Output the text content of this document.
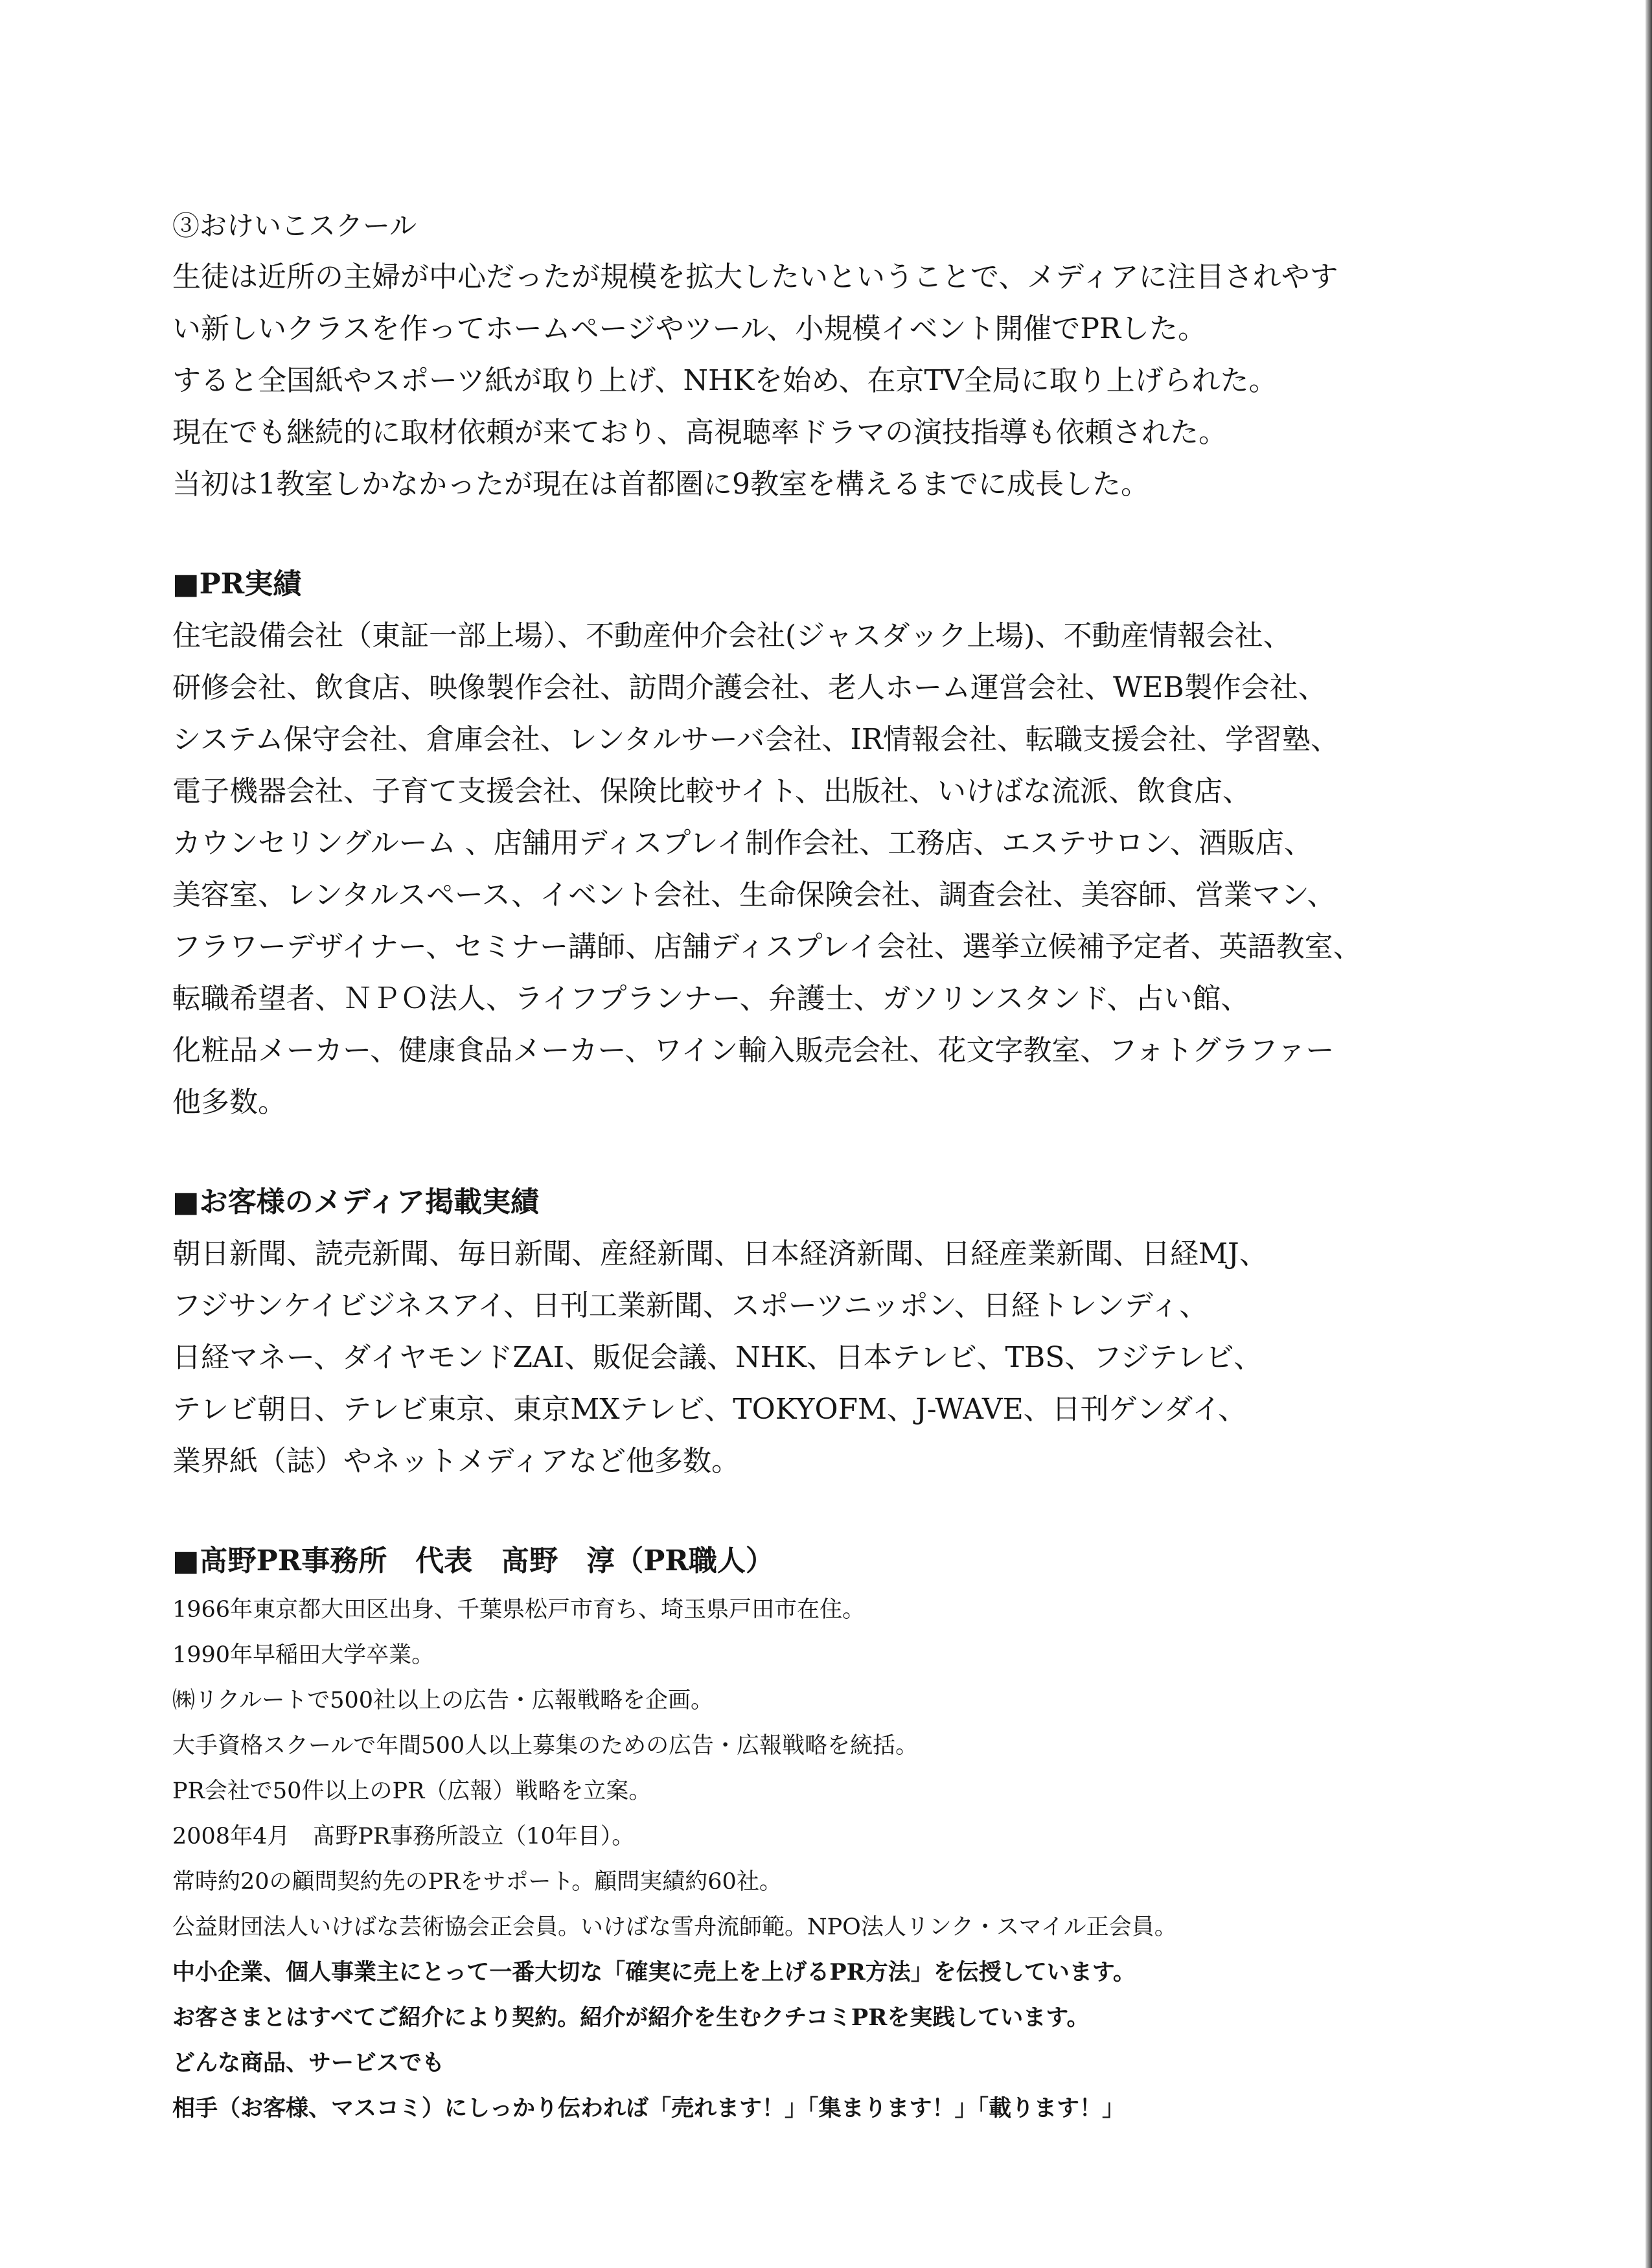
③おけいこスクール

生徒は近所の主婦が中心だったが規模を拡大したいということで、メディアに注目されやす

い新しいクラスを作ってホームページやツール、小規模イベント開催でPRした。

すると全国紙やスポーツ紙が取り上げ、NHKを始め、在京TV全局に取り上げられた。

現在でも継続的に取材依頼が来ており、高視聴率ドラマの演技指導も依頼された。

当初は1教室しかなかったが現在は首都圏に9教室を構えるまでに成長した。

■PR実績

住宅設備会社（東証一部上場）、不動産仲介会社(ジャスダック上場)、不動産情報会社、

研修会社、飲食店、映像製作会社、訪問介護会社、老人ホーム運営会社、WEB製作会社、

システム保守会社、倉庫会社、レンタルサーバ会社、IR情報会社、転職支援会社、学習塾、

電子機器会社、子育て支援会社、保険比較サイト、出版社、いけばな流派、飲食店、

カウンセリングルーム 、店舗用ディスプレイ制作会社、工務店、エステサロン、酒販店、

美容室、レンタルスペース、イベント会社、生命保険会社、調査会社、美容師、営業マン、

フラワーデザイナー、セミナー講師、店舗ディスプレイ会社、選挙立候補予定者、英語教室、

転職希望者、ＮＰＯ法人、ライフプランナー、弁護士、ガソリンスタンド、占い館、

化粧品メーカー、健康食品メーカー、ワイン輸入販売会社、花文字教室、フォトグラファー

他多数。

■お客様のメディア掲載実績

朝日新聞、読売新聞、毎日新聞、産経新聞、日本経済新聞、日経産業新聞、日経MJ、

フジサンケイビジネスアイ、日刊工業新聞、スポーツニッポン、日経トレンディ、

日経マネー、ダイヤモンドZAI、販促会議、NHK、日本テレビ、TBS、フジテレビ、

テレビ朝日、テレビ東京、東京MXテレビ、TOKYOFM、J-WAVE、日刊ゲンダイ、

業界紙（誌）やネットメディアなど他多数。

■髙野PR事務所　代表　髙野　淳（PR職人）

1966年東京都大田区出身、千葉県松戸市育ち、埼玉県戸田市在住。

1990年早稲田大学卒業。

㈱リクルートで500社以上の広告・広報戦略を企画。

大手資格スクールで年間500人以上募集のための広告・広報戦略を統括。

PR会社で50件以上のPR（広報）戦略を立案。

2008年4月　髙野PR事務所設立（10年目）。

常時約20の顧問契約先のPRをサポート。顧問実績約60社。

公益財団法人いけばな芸術協会正会員。いけばな雪舟流師範。NPO法人リンク・スマイル正会員。

中小企業、個人事業主にとって一番大切な「確実に売上を上げるPR方法」を伝授しています。

お客さまとはすべてご紹介により契約。紹介が紹介を生むクチコミPRを実践しています。

どんな商品、サービスでも

相手（お客様、マスコミ）にしっかり伝われば「売れます！」「集まります！」「載ります！」
